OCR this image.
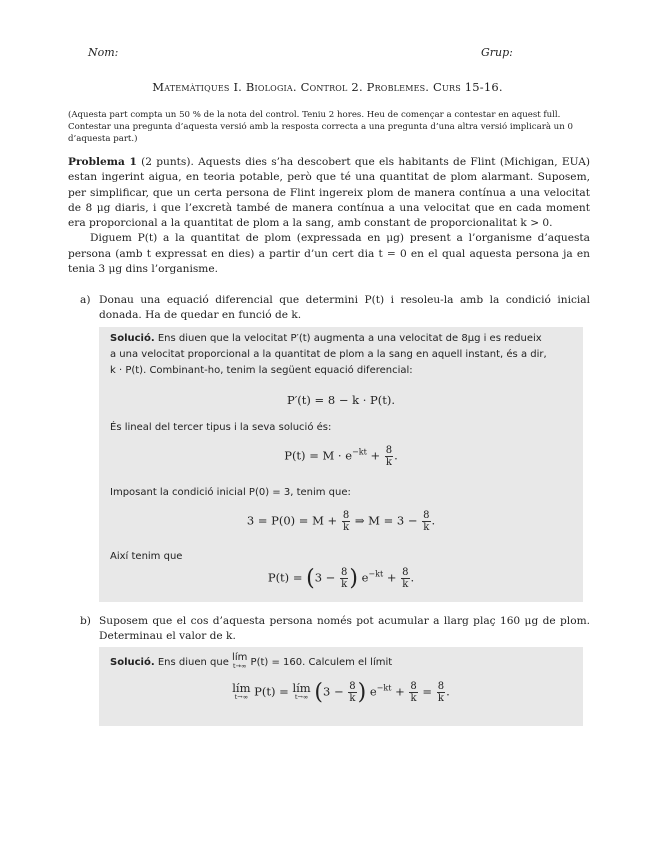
Nom:	Grup:
Matemàtiques I. Biologia. Control 2. Problemes. Curs 15-16.
(Aquesta part compta un 50 % de la nota del control. Teniu 2 hores. Heu de començar a contestar en aquest full. Contestar una pregunta d’aquesta versió amb la resposta correcta a una pregunta d’una altra versió implicarà un 0 d’aquesta part.)

Problema 1 (2 punts). Aquests dies s’ha descobert que els habitants de Flint (Michigan, EUA) estan ingerint aigua, en teoria potable, però que té una quantitat de plom alarmant. Suposem, per simplificar, que un certa persona de Flint ingereix plom de manera contínua a una velocitat de 8 μg diaris, i que l’excretà també de manera contínua a una velocitat que en cada moment era proporcional a la quantitat de plom a la sang, amb constant de proporcionalitat k > 0.

Diguem P(t) a la quantitat de plom (expressada en μg) present a l’organisme d’aquesta persona (amb t expressat en dies) a partir d’un cert dia t = 0 en el qual aquesta persona ja en tenia 3 μg dins l’organisme.

a) Donau una equació diferencial que determini P(t) i resoleu-la amb la condició inicial donada. Ha de quedar en funció de k.
Solució. Ens diuen que la velocitat P′(t) augmenta a una velocitat de 8μg i es redueix
a una velocitat proporcional a la quantitat de plom a la sang en aquell instant, és a dir,
k · P(t). Combinant-ho, tenim la següent equació diferencial:
P′(t) = 8 − k · P(t).
És lineal del tercer tipus i la seva solució és:
$P(t) = M \cdot e^{-kt} + \frac{8}{k}$ .
Imposant la condició inicial P(0) = 3, tenim que:
$3 = P(0) = M + \frac{8}{k}$ ⇒ $M = 3 - \frac{8}{k}$ .
Així tenim que
$P(t) = (3 - \frac{8}{k}$ ) $e^{-kt} + \frac{8}{k}$ .
b) Suposem que el cos d’aquesta persona només pot acumular a llarg plaç 160 μg de plom. Determinau el valor de k.
Solució. Ens diuen que lím
t→∞ P(t) = 160. Calculem el límit
lím
t→∞ P(t) = lím
t→∞ ($3 - \frac{8}{k}$ ) $e^{-kt} + \frac{8}{k} = \frac{8}{k}$ .
